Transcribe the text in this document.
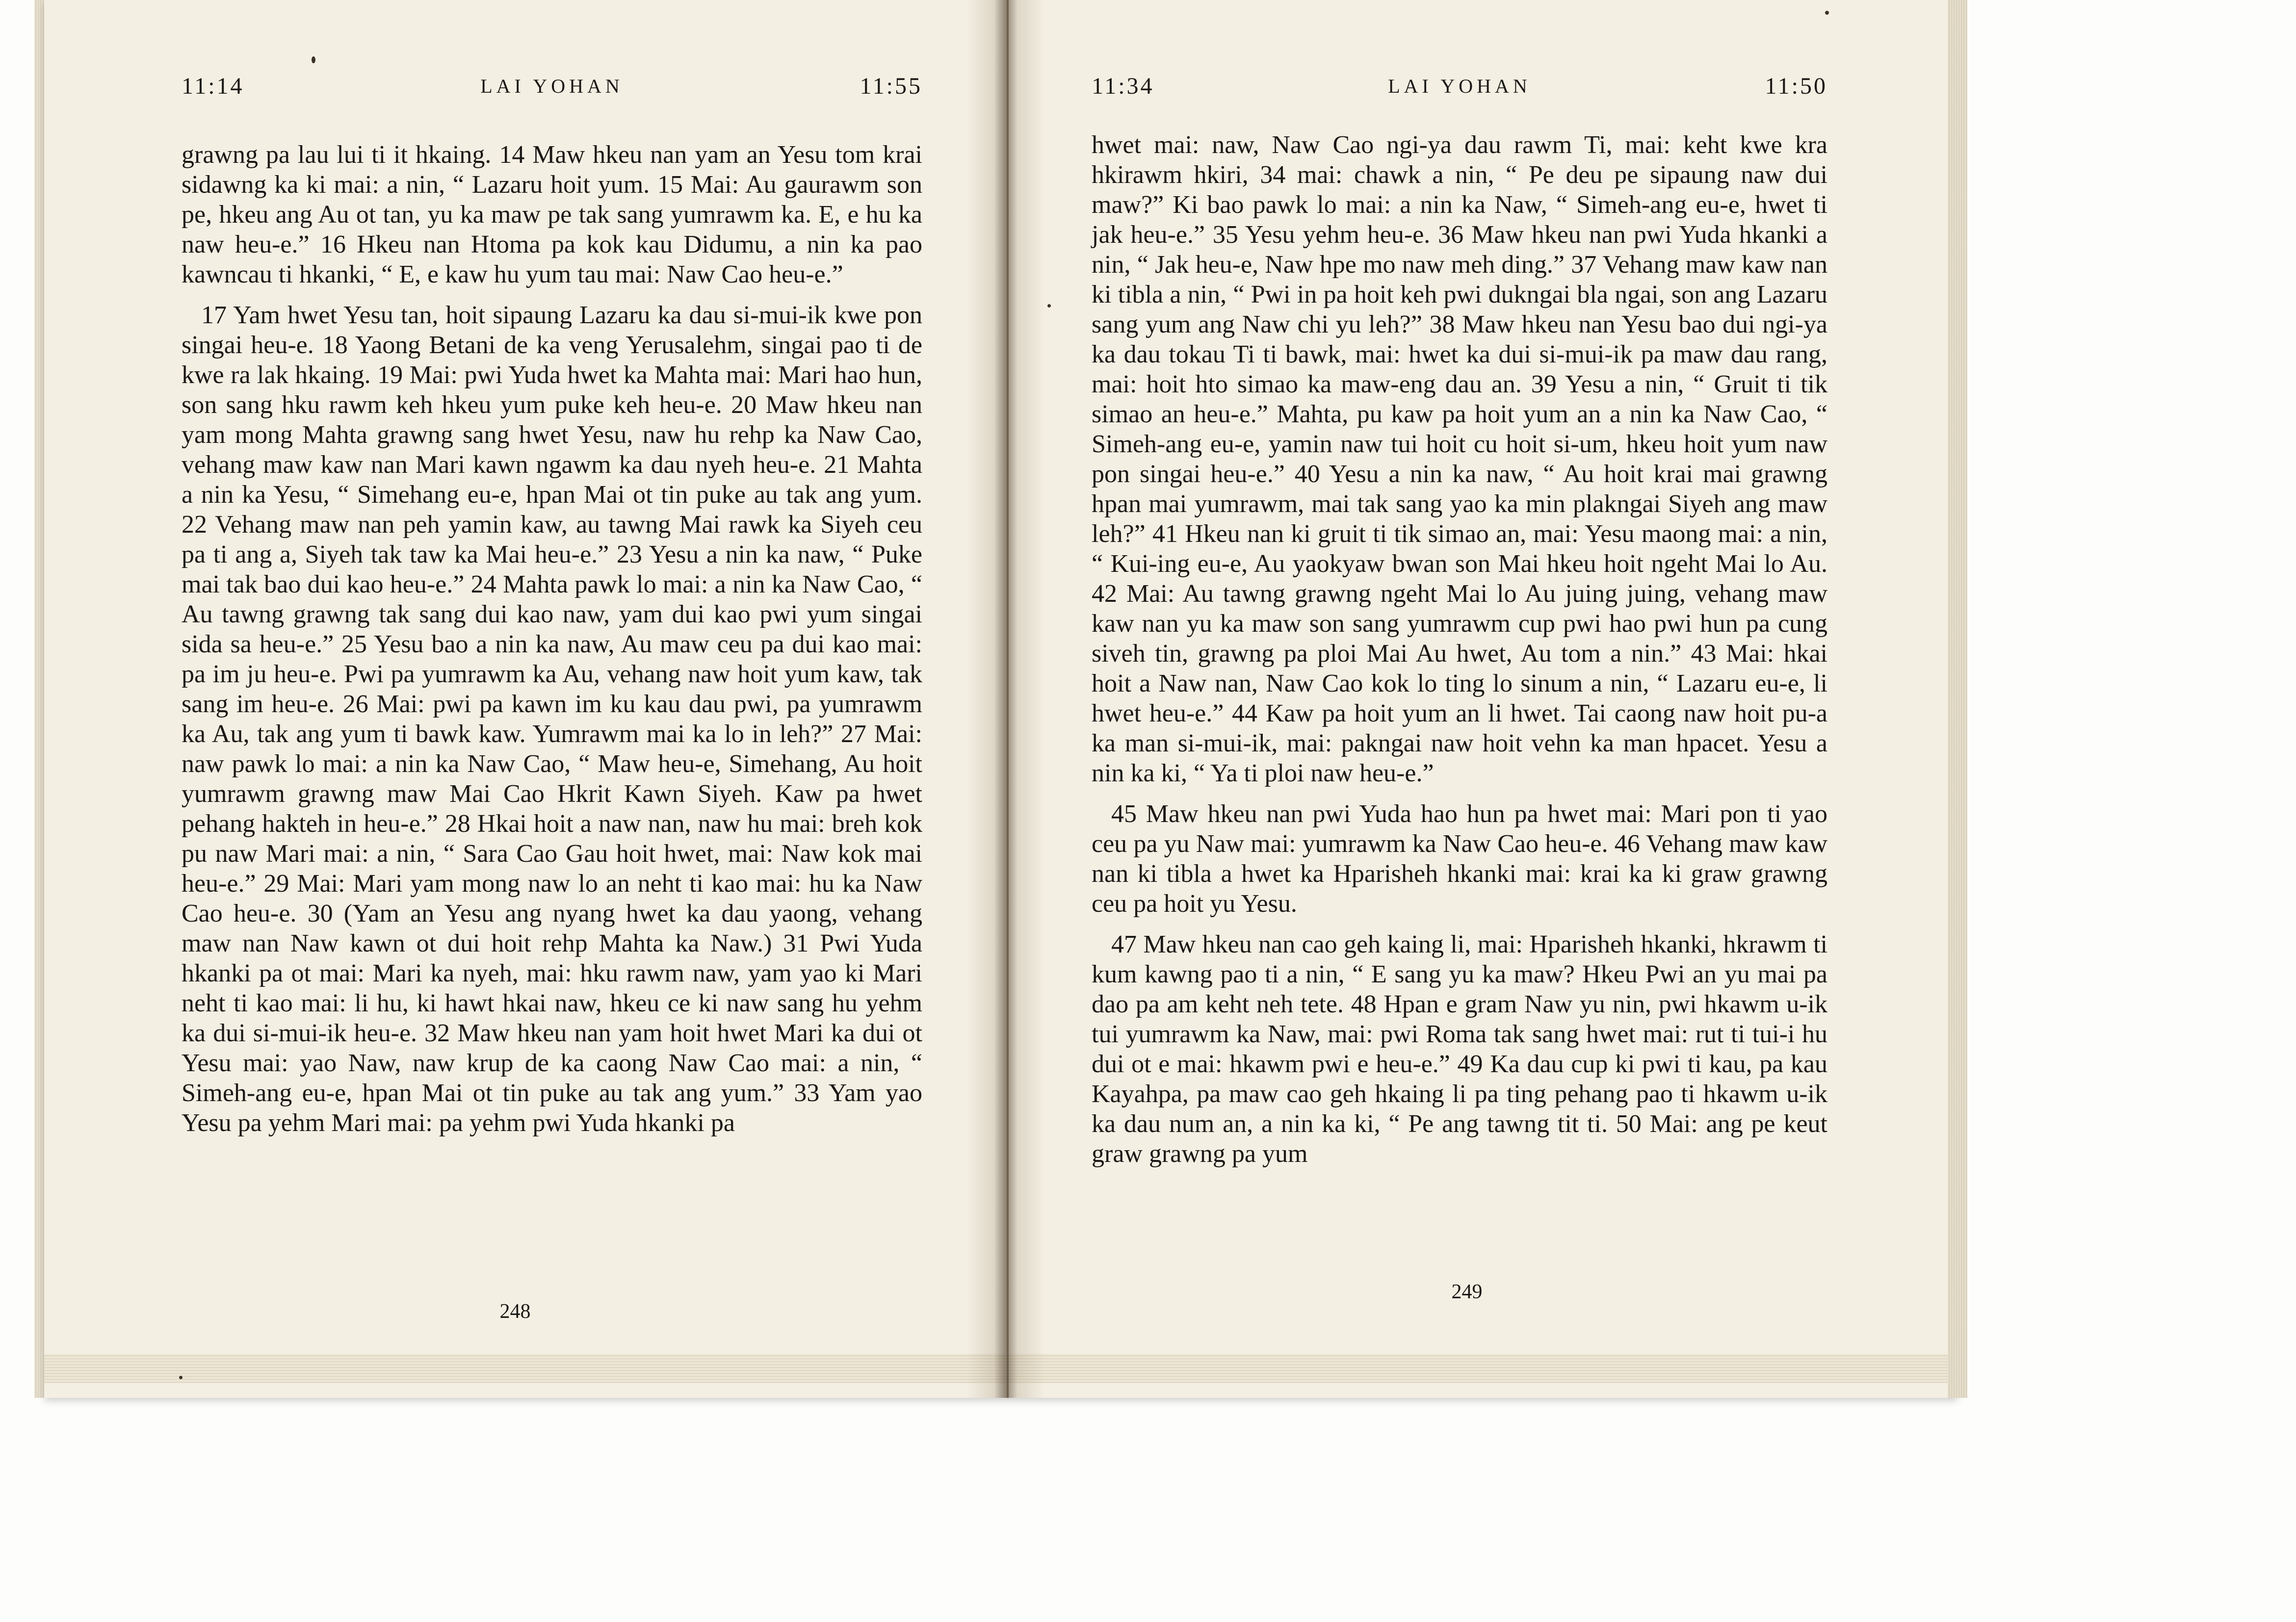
11:14	LAI YOHAN	11:55

grawng pa lau lui ti it hkaing. 14 Maw hkeu nan yam an Yesu tom krai sidawng ka ki mai: a nin, “ Lazaru hoit yum. 15 Mai: Au gaurawm son pe, hkeu ang Au ot tan, yu ka maw pe tak sang yumrawm ka. E, e hu ka naw heu-e.” 16 Hkeu nan Htoma pa kok kau Didumu, a nin ka pao kawncau ti hkanki, “ E, e kaw hu yum tau mai: Naw Cao heu-e.”

17 Yam hwet Yesu tan, hoit sipaung Lazaru ka dau si-mui-ik kwe pon singai heu-e. 18 Yaong Betani de ka veng Yerusalehm, singai pao ti de kwe ra lak hkaing. 19 Mai: pwi Yuda hwet ka Mahta mai: Mari hao hun, son sang hku rawm keh hkeu yum puke keh heu-e. 20 Maw hkeu nan yam mong Mahta grawng sang hwet Yesu, naw hu rehp ka Naw Cao, vehang maw kaw nan Mari kawn ngawm ka dau nyeh heu-e. 21 Mahta a nin ka Yesu, “ Simehang eu-e, hpan Mai ot tin puke au tak ang yum. 22 Vehang maw nan peh yamin kaw, au tawng Mai rawk ka Siyeh ceu pa ti ang a, Siyeh tak taw ka Mai heu-e.” 23 Yesu a nin ka naw, “ Puke mai tak bao dui kao heu-e.” 24 Mahta pawk lo mai: a nin ka Naw Cao, “ Au tawng grawng tak sang dui kao naw, yam dui kao pwi yum singai sida sa heu-e.” 25 Yesu bao a nin ka naw, Au maw ceu pa dui kao mai: pa im ju heu-e. Pwi pa yumrawm ka Au, vehang naw hoit yum kaw, tak sang im heu-e. 26 Mai: pwi pa kawn im ku kau dau pwi, pa yumrawm ka Au, tak ang yum ti bawk kaw. Yumrawm mai ka lo in leh?” 27 Mai: naw pawk lo mai: a nin ka Naw Cao, “ Maw heu-e, Simehang, Au hoit yumrawm grawng maw Mai Cao Hkrit Kawn Siyeh. Kaw pa hwet pehang hakteh in heu-e.” 28 Hkai hoit a naw nan, naw hu mai: breh kok pu naw Mari mai: a nin, “ Sara Cao Gau hoit hwet, mai: Naw kok mai heu-e.” 29 Mai: Mari yam mong naw lo an neht ti kao mai: hu ka Naw Cao heu-e. 30 (Yam an Yesu ang nyang hwet ka dau yaong, vehang maw nan Naw kawn ot dui hoit rehp Mahta ka Naw.) 31 Pwi Yuda hkanki pa ot mai: Mari ka nyeh, mai: hku rawm naw, yam yao ki Mari neht ti kao mai: li hu, ki hawt hkai naw, hkeu ce ki naw sang hu yehm ka dui si-mui-ik heu-e. 32 Maw hkeu nan yam hoit hwet Mari ka dui ot Yesu mai: yao Naw, naw krup de ka caong Naw Cao mai: a nin, “ Simeh-ang eu-e, hpan Mai ot tin puke au tak ang yum.” 33 Yam yao Yesu pa yehm Mari mai: pa yehm pwi Yuda hkanki pa

248
11:34	LAI YOHAN	11:50

hwet mai: naw, Naw Cao ngi-ya dau rawm Ti, mai: keht kwe kra hkirawm hkiri, 34 mai: chawk a nin, “ Pe deu pe sipaung naw dui maw?” Ki bao pawk lo mai: a nin ka Naw, “ Simeh-ang eu-e, hwet ti jak heu-e.” 35 Yesu yehm heu-e. 36 Maw hkeu nan pwi Yuda hkanki a nin, “ Jak heu-e, Naw hpe mo naw meh ding.” 37 Vehang maw kaw nan ki tibla a nin, “ Pwi in pa hoit keh pwi dukngai bla ngai, son ang Lazaru sang yum ang Naw chi yu leh?” 38 Maw hkeu nan Yesu bao dui ngi-ya ka dau tokau Ti ti bawk, mai: hwet ka dui si-mui-ik pa maw dau rang, mai: hoit hto simao ka maw-eng dau an. 39 Yesu a nin, “ Gruit ti tik simao an heu-e.” Mahta, pu kaw pa hoit yum an a nin ka Naw Cao, “ Simeh-ang eu-e, yamin naw tui hoit cu hoit si-um, hkeu hoit yum naw pon singai heu-e.” 40 Yesu a nin ka naw, “ Au hoit krai mai grawng hpan mai yumrawm, mai tak sang yao ka min plakngai Siyeh ang maw leh?” 41 Hkeu nan ki gruit ti tik simao an, mai: Yesu maong mai: a nin, “ Kui-ing eu-e, Au yaokyaw bwan son Mai hkeu hoit ngeht Mai lo Au. 42 Mai: Au tawng grawng ngeht Mai lo Au juing juing, vehang maw kaw nan yu ka maw son sang yumrawm cup pwi hao pwi hun pa cung siveh tin, grawng pa ploi Mai Au hwet, Au tom a nin.” 43 Mai: hkai hoit a Naw nan, Naw Cao kok lo ting lo sinum a nin, “ Lazaru eu-e, li hwet heu-e.” 44 Kaw pa hoit yum an li hwet. Tai caong naw hoit pu-a ka man si-mui-ik, mai: pakngai naw hoit vehn ka man hpacet. Yesu a nin ka ki, “ Ya ti ploi naw heu-e.”

45 Maw hkeu nan pwi Yuda hao hun pa hwet mai: Mari pon ti yao ceu pa yu Naw mai: yumrawm ka Naw Cao heu-e. 46 Vehang maw kaw nan ki tibla a hwet ka Hparisheh hkanki mai: krai ka ki graw grawng ceu pa hoit yu Yesu.

47 Maw hkeu nan cao geh kaing li, mai: Hparisheh hkanki, hkrawm ti kum kawng pao ti a nin, “ E sang yu ka maw? Hkeu Pwi an yu mai pa dao pa am keht neh tete. 48 Hpan e gram Naw yu nin, pwi hkawm u-ik tui yumrawm ka Naw, mai: pwi Roma tak sang hwet mai: rut ti tui-i hu dui ot e mai: hkawm pwi e heu-e.” 49 Ka dau cup ki pwi ti kau, pa kau Kayahpa, pa maw cao geh hkaing li pa ting pehang pao ti hkawm u-ik ka dau num an, a nin ka ki, “ Pe ang tawng tit ti. 50 Mai: ang pe keut graw grawng pa yum

249
